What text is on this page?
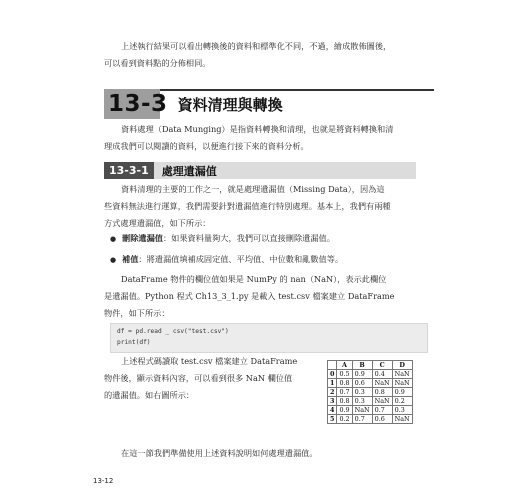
上述執行結果可以看出轉換後的資料和標準化不同，不過，繪成散佈圖後，
可以看到資料點的分佈相同。
13-3 資料清理與轉換
資料處理（Data Munging）是指資料轉換和清理，也就是將資料轉換和清
理成我們可以閱讀的資料，以便進行接下來的資料分析。
13-3-1	處理遺漏值
資料清理的主要的工作之一，就是處理遺漏值（Missing Data），因為這
些資料無法進行運算，我們需要針對遺漏值進行特別處理。基本上，我們有兩種
方式處理遺漏值，如下所示：
● 刪除遺漏值：如果資料量夠大，我們可以直接刪除遺漏值。
● 補值：將遺漏值填補成固定值、平均值、中位數和亂數值等。
DataFrame 物件的欄位值如果是 NumPy 的 nan（NaN），表示此欄位
是遺漏值。Python 程式 Ch13_3_1.py 是載入 test.csv 檔案建立 DataFrame
物件，如下所示：
df = pd.read _ csv("test.csv")
print(df)
上述程式碼讀取 test.csv 檔案建立 DataFrame
物件後，顯示資料內容，可以看到很多 NaN 欄位值
的遺漏值。如右圖所示：
	A	B	C	D
0	0.5	0.9	0.4	NaN
1	0.8	0.6	NaN	NaN
2	0.7	0.3	0.8	0.9
3	0.8	0.3	NaN	0.2
4	0.9	NaN	0.7	0.3
5	0.2	0.7	0.6	NaN
在這一節我們準備使用上述資料說明如何處理遺漏值。
13-12
